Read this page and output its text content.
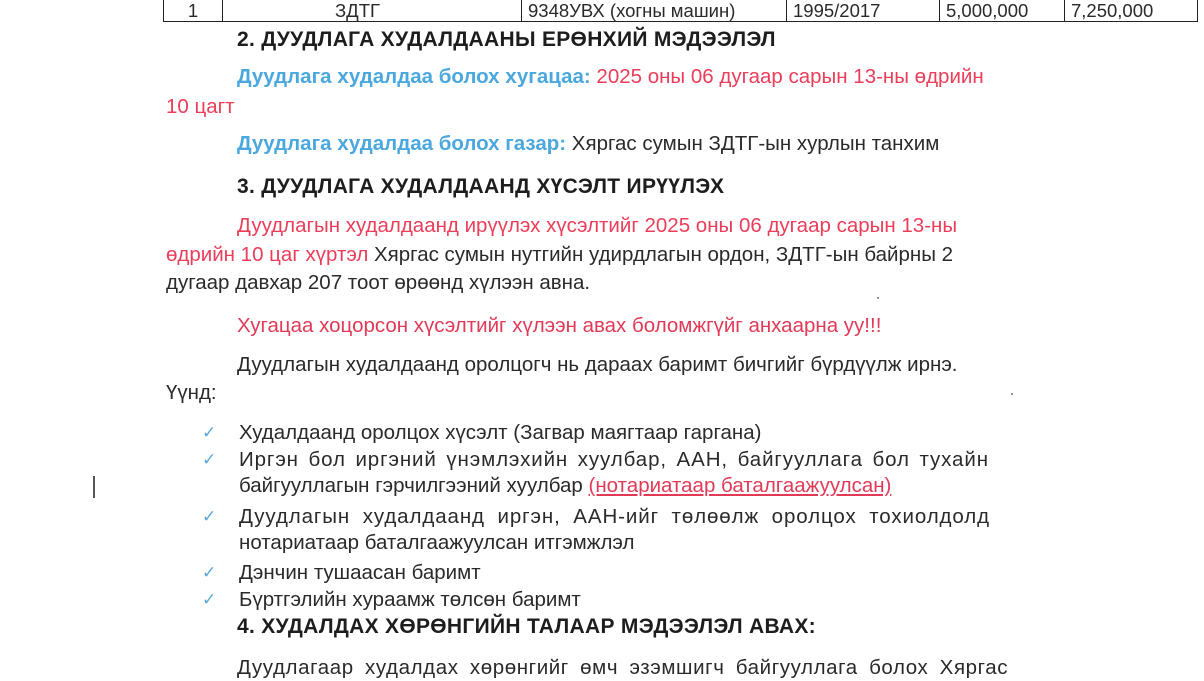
1	ЗДТГ	9348УВХ (хогны машин)	1995/2017	5,000,000	7,250,000
2. ДУУДЛАГА ХУДАЛДААНЫ ЕРӨНХИЙ МЭДЭЭЛЭЛ
Дуудлага худалдаа болох хугацаа: 2025 оны 06 дугаар сарын 13-ны өдрийн
10 цагт
Дуудлага худалдаа болох газар: Хяргас сумын ЗДТГ-ын хурлын танхим
3. ДУУДЛАГА ХУДАЛДААНД ХҮСЭЛТ ИРҮҮЛЭХ
Дуудлагын худалдаанд ирүүлэх хүсэлтийг 2025 оны 06 дугаар сарын 13-ны
өдрийн 10 цаг хүртэл Хяргас сумын нутгийн удирдлагын ордон, ЗДТГ-ын байрны 2
дугаар давхар 207 тоот өрөөнд хүлээн авна.
Хугацаа хоцорсон хүсэлтийг хүлээн авах боломжгүйг анхаарна уу!!!
Дуудлагын худалдаанд оролцогч нь дараах баримт бичгийг бүрдүүлж ирнэ.
Үүнд:
✓ Худалдаанд оролцох хүсэлт (Загвар маягтаар гаргана)
✓ Иргэн бол иргэний үнэмлэхийн хуулбар, ААН, байгууллага бол тухайн
байгууллагын гэрчилгээний хуулбар (нотариатаар баталгаажуулсан)
✓ Дуудлагын худалдаанд иргэн, ААН-ийг төлөөлж оролцох тохиолдолд
нотариатаар баталгаажуулсан итгэмжлэл
✓ Дэнчин тушаасан баримт
✓ Бүртгэлийн хураамж төлсөн баримт
4. ХУДАЛДАХ ХӨРӨНГИЙН ТАЛААР МЭДЭЭЛЭЛ АВАХ:
Дуудлагаар худалдах хөрөнгийг өмч эзэмшигч байгууллага болох Хяргас
